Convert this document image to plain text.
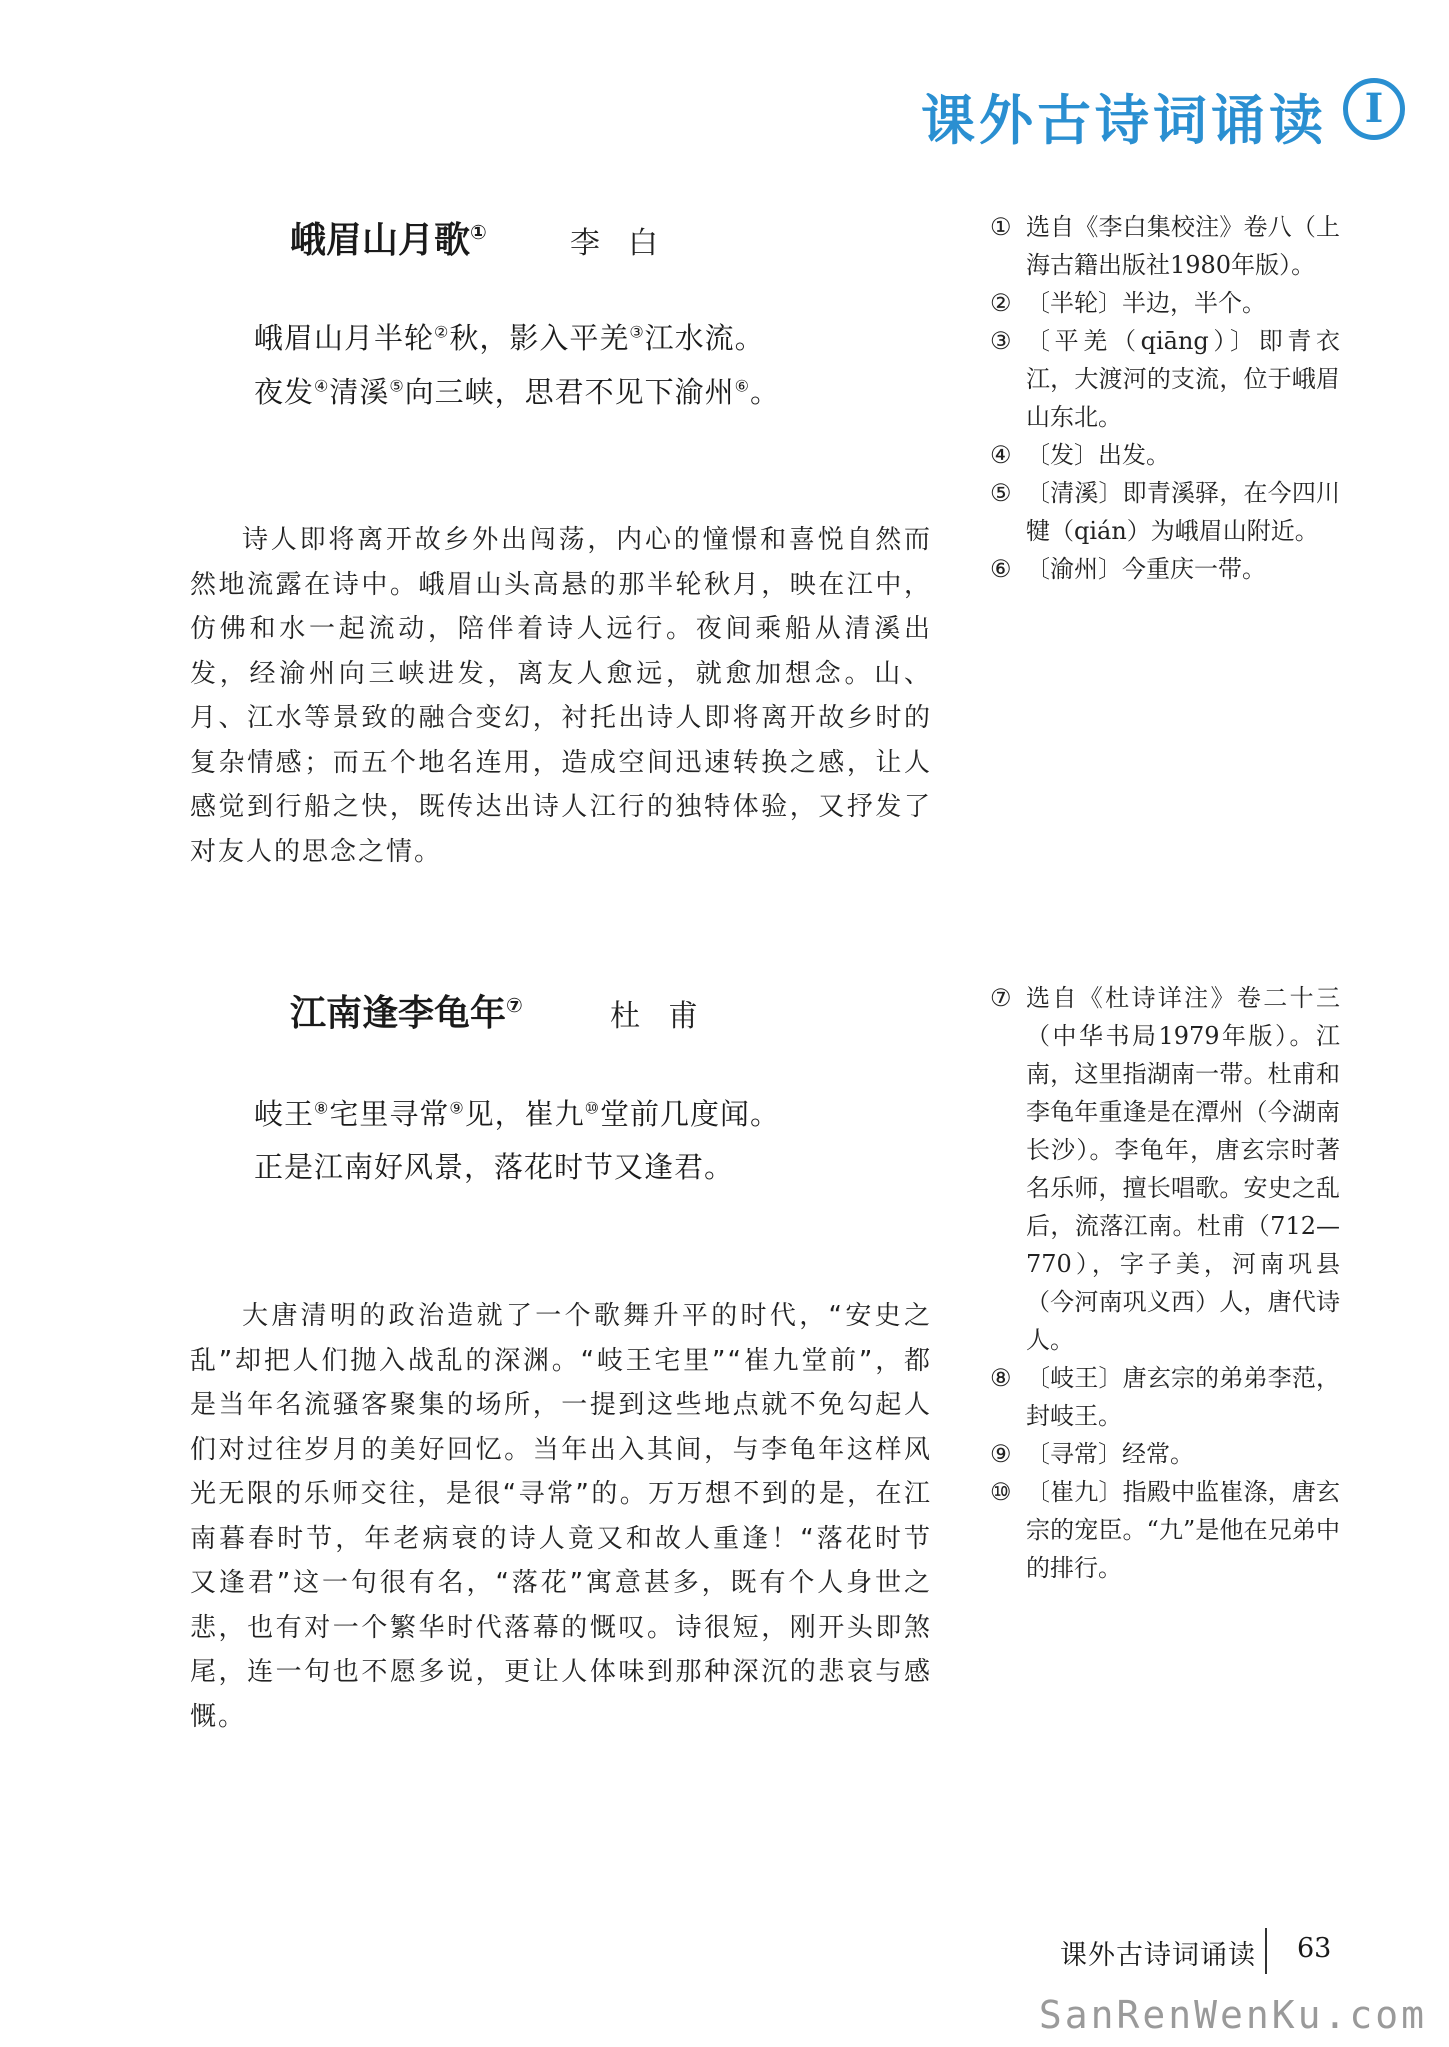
课外古诗词诵读 I
峨眉山月歌①	李白
峨眉山月半轮②秋，影入平羌③江水流。
夜发④清溪⑤向三峡，思君不见下渝州⑥。

诗人即将离开故乡外出闯荡，内心的憧憬和喜悦自然而然地流露在诗中。峨眉山头高悬的那半轮秋月，映在江中，仿佛和水一起流动，陪伴着诗人远行。夜间乘船从清溪出发，经渝州向三峡进发，离友人愈远，就愈加想念。山、月、江水等景致的融合变幻，衬托出诗人即将离开故乡时的复杂情感；而五个地名连用，造成空间迅速转换之感，让人感觉到行船之快，既传达出诗人江行的独特体验，又抒发了对友人的思念之情。

① 选自《李白集校注》卷八（上海古籍出版社1980年版）。
② 〔半轮〕半边，半个。
③ 〔平羌（qiāng）〕即青衣江，大渡河的支流，位于峨眉山东北。
④ 〔发〕出发。
⑤ 〔清溪〕即青溪驿，在今四川犍（qián）为峨眉山附近。
⑥ 〔渝州〕今重庆一带。
江南逢李龟年⑦	杜甫
岐王⑧宅里寻常⑨见，崔九⑩堂前几度闻。
正是江南好风景，落花时节又逢君。

大唐清明的政治造就了一个歌舞升平的时代，“安史之乱”却把人们抛入战乱的深渊。“岐王宅里”“崔九堂前”，都是当年名流骚客聚集的场所，一提到这些地点就不免勾起人们对过往岁月的美好回忆。当年出入其间，与李龟年这样风光无限的乐师交往，是很“寻常”的。万万想不到的是，在江南暮春时节，年老病衰的诗人竟又和故人重逢！“落花时节又逢君”这一句很有名，“落花”寓意甚多，既有个人身世之悲，也有对一个繁华时代落幕的慨叹。诗很短，刚开头即煞尾，连一句也不愿多说，更让人体味到那种深沉的悲哀与感慨。

⑦ 选自《杜诗详注》卷二十三（中华书局1979年版）。江南，这里指湖南一带。杜甫和李龟年重逢是在潭州（今湖南长沙）。李龟年，唐玄宗时著名乐师，擅长唱歌。安史之乱后，流落江南。杜甫（712—770），字子美，河南巩县（今河南巩义西）人，唐代诗人。
⑧ 〔岐王〕唐玄宗的弟弟李范，封岐王。
⑨ 〔寻常〕经常。
⑩ 〔崔九〕指殿中监崔涤，唐玄宗的宠臣。“九”是他在兄弟中的排行。
课外古诗词诵读 63
SanRenWenKu.com
